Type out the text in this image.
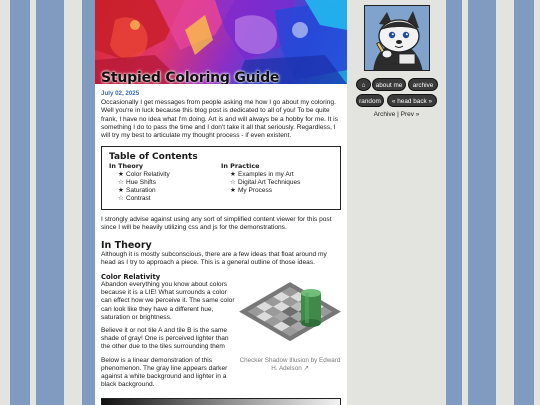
⌂	about me	archive
random	« head back »
Archive | Prev »
Stupied Coloring Guide
July 02, 2025

Occasionally I get messages from people asking me how I go about my coloring. Well you're in luck because this blog post is dedicated to all of you! To be quite frank, I have no idea what I'm doing. Art is and will always be a hobby for me. It is something I do to pass the time and I don't take it all that seriously. Regardless, I will try my best to articulate my thought process - if even existent.

Table of Contents
In Theory
★ Color Relativity
☆ Hue Shifts
★ Saturation
☆ Contrast
In Practice
★ Examples in my Art
☆ Digital Art Techniques
★ My Process

I strongly advise against using any sort of simplified content viewer for this post since I will be heavily utilizing css and js for the demonstrations.

In Theory

Although it is mostly subconscious, there are a few ideas that float around my head as I try to approach a piece. This is a general outline of those ideas.

Color Relativity

Abandon everything you know about colors because it is a LIE! What surrounds a color can effect how we perceive it. The same color can look like they have a different hue, saturation or brightness.

Believe it or not tile A and tile B is the same shade of gray! One is perceived lighter than the other due to the tiles surrounding them

Below is a linear demonstration of this phenomenon. The gray line appears darker against a white background and lighter in a black background.

Checker Shadow Illusion by Edward H. Adelson ↗
